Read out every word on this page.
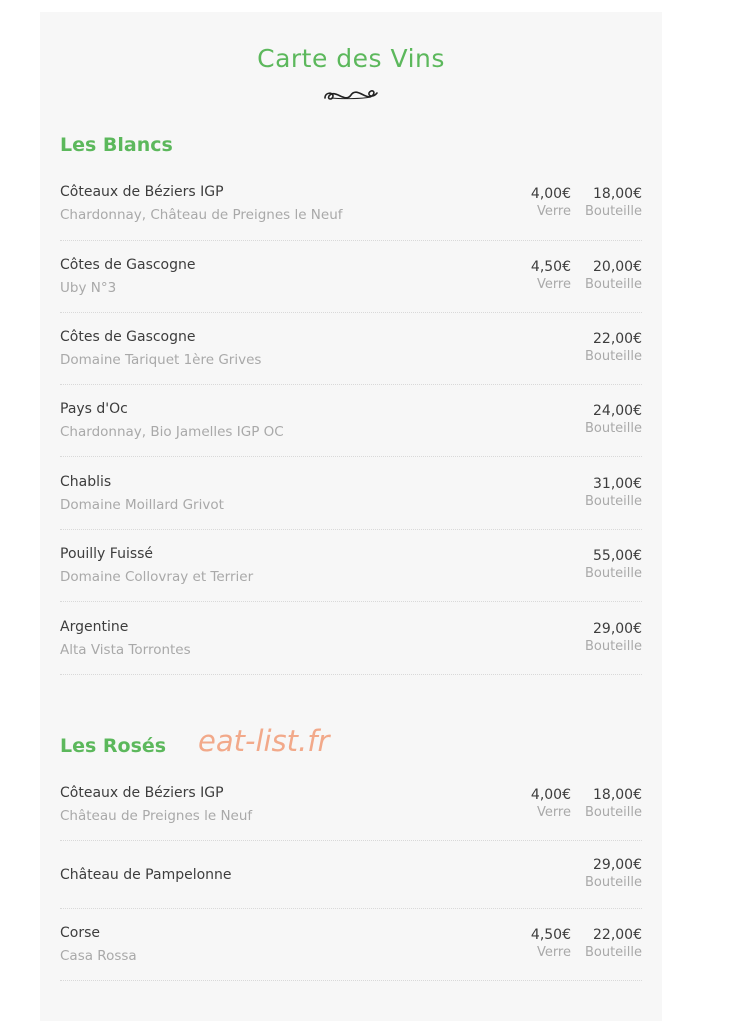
Carte des Vins
Les Blancs
Côteaux de Béziers IGP
Chardonnay, Château de Preignes le Neuf
4,00€
Verre
18,00€
Bouteille
Côtes de Gascogne
Uby N°3
4,50€
Verre
20,00€
Bouteille
Côtes de Gascogne
Domaine Tariquet 1ère Grives
22,00€
Bouteille
Pays d'Oc
Chardonnay, Bio Jamelles IGP OC
24,00€
Bouteille
Chablis
Domaine Moillard Grivot
31,00€
Bouteille
Pouilly Fuissé
Domaine Collovray et Terrier
55,00€
Bouteille
Argentine
Alta Vista Torrontes
29,00€
Bouteille
Les Rosés eat-list.fr
Côteaux de Béziers IGP
Château de Preignes le Neuf
4,00€
Verre
18,00€
Bouteille
Château de Pampelonne
29,00€
Bouteille
Corse
Casa Rossa
4,50€
Verre
22,00€
Bouteille
